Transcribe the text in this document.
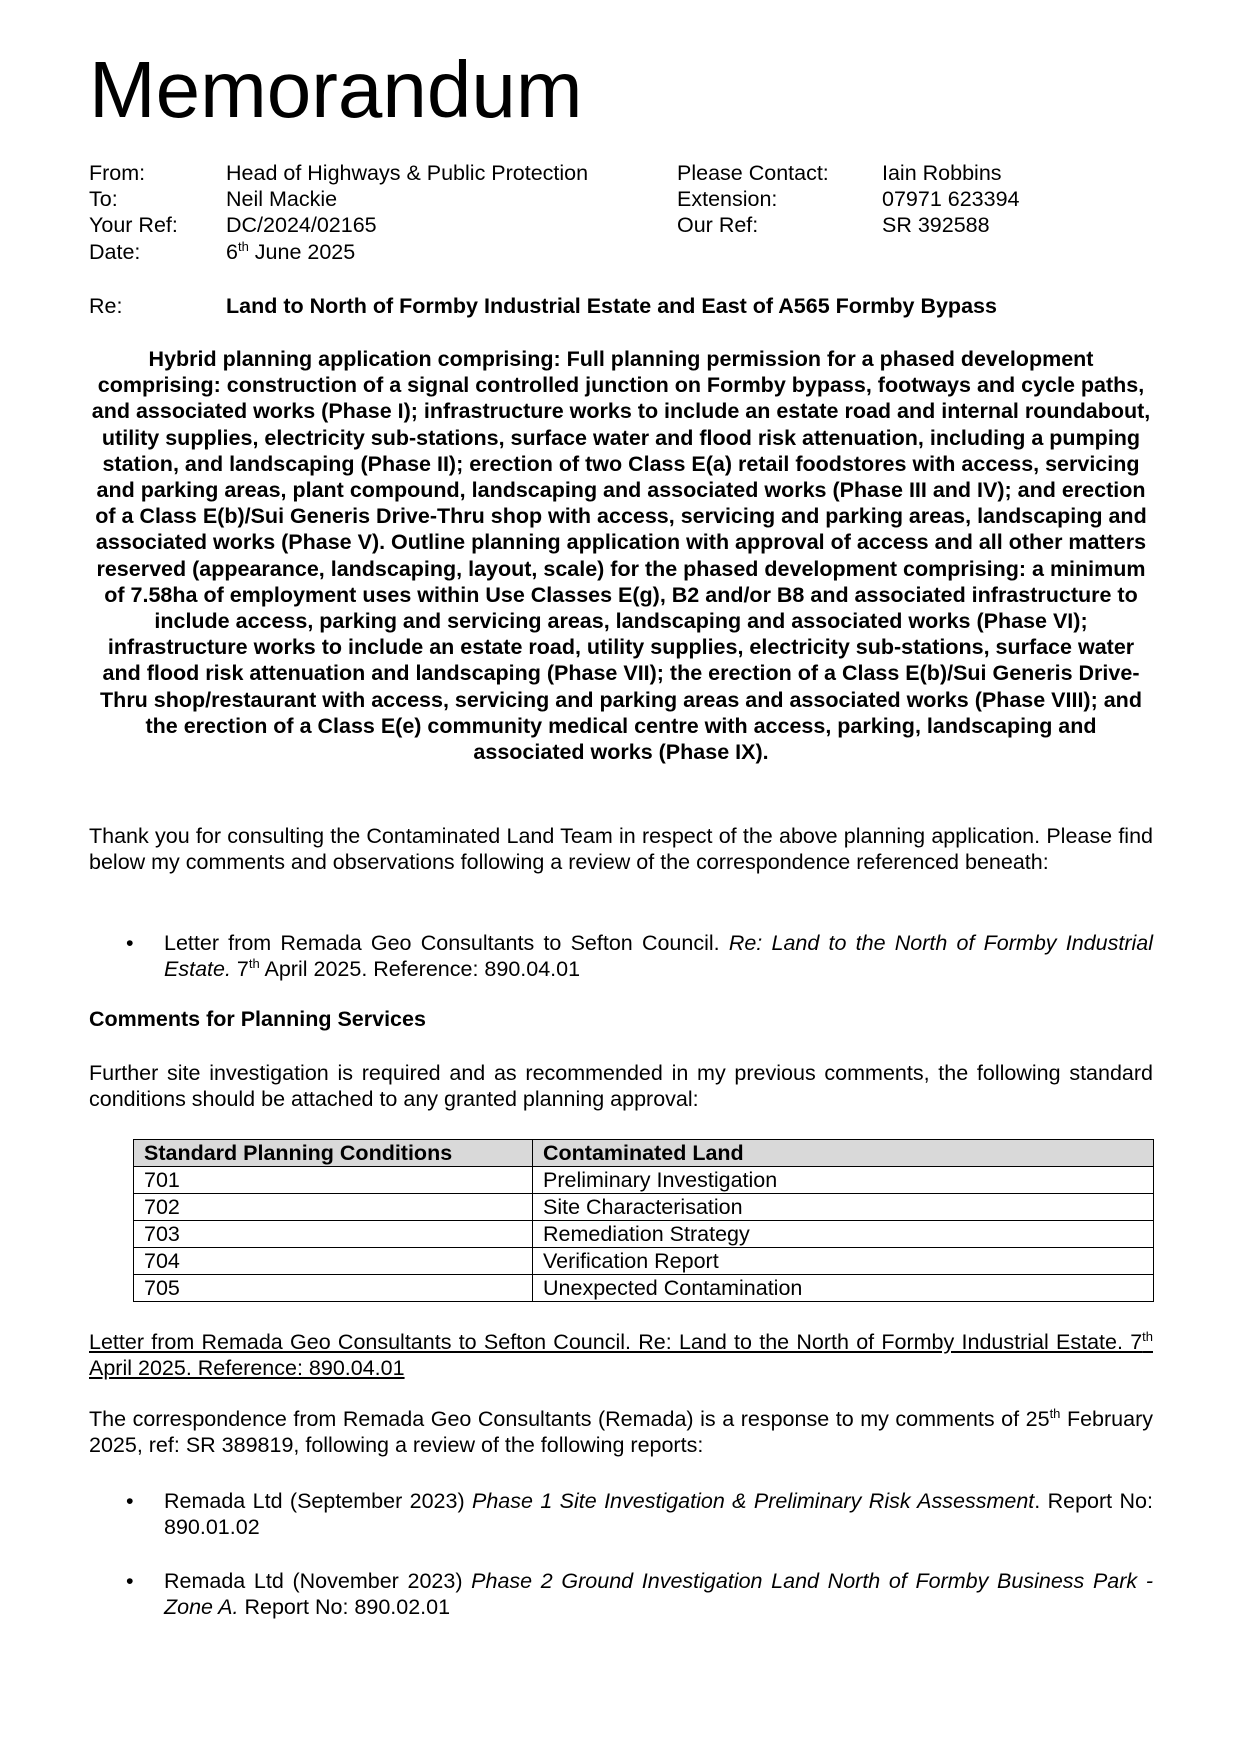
Memorandum
From:	Head of Highways & Public Protection	Please Contact:	Iain Robbins
To:	Neil Mackie	Extension:	07971 623394
Your Ref:	DC/2024/02165	Our Ref:	SR 392588
Date:	6th June 2025
Re:	Land to North of Formby Industrial Estate and East of A565 Formby Bypass
Hybrid planning application comprising: Full planning permission for a phased development comprising: construction of a signal controlled junction on Formby bypass, footways and cycle paths, and associated works (Phase I); infrastructure works to include an estate road and internal roundabout, utility supplies, electricity sub-stations, surface water and flood risk attenuation, including a pumping station, and landscaping (Phase II); erection of two Class E(a) retail foodstores with access, servicing and parking areas, plant compound, landscaping and associated works (Phase III and IV); and erection of a Class E(b)/Sui Generis Drive-Thru shop with access, servicing and parking areas, landscaping and associated works (Phase V). Outline planning application with approval of access and all other matters reserved (appearance, landscaping, layout, scale) for the phased development comprising: a minimum of 7.58ha of employment uses within Use Classes E(g), B2 and/or B8 and associated infrastructure to include access, parking and servicing areas, landscaping and associated works (Phase VI); infrastructure works to include an estate road, utility supplies, electricity sub-stations, surface water and flood risk attenuation and landscaping (Phase VII); the erection of a Class E(b)/Sui Generis Drive-Thru shop/restaurant with access, servicing and parking areas and associated works (Phase VIII); and the erection of a Class E(e) community medical centre with access, parking, landscaping and associated works (Phase IX).
Thank you for consulting the Contaminated Land Team in respect of the above planning application. Please find below my comments and observations following a review of the correspondence referenced beneath:
•	Letter from Remada Geo Consultants to Sefton Council. Re: Land to the North of Formby Industrial Estate. 7th April 2025. Reference: 890.04.01
Comments for Planning Services
Further site investigation is required and as recommended in my previous comments, the following standard conditions should be attached to any granted planning approval:
Standard Planning Conditions	Contaminated Land
701	Preliminary Investigation
702	Site Characterisation
703	Remediation Strategy
704	Verification Report
705	Unexpected Contamination
Letter from Remada Geo Consultants to Sefton Council. Re: Land to the North of Formby Industrial Estate. 7th April 2025. Reference: 890.04.01
The correspondence from Remada Geo Consultants (Remada) is a response to my comments of 25th February 2025, ref: SR 389819, following a review of the following reports:
•	Remada Ltd (September 2023) Phase 1 Site Investigation & Preliminary Risk Assessment. Report No: 890.01.02
•	Remada Ltd (November 2023) Phase 2 Ground Investigation Land North of Formby Business Park - Zone A. Report No: 890.02.01
